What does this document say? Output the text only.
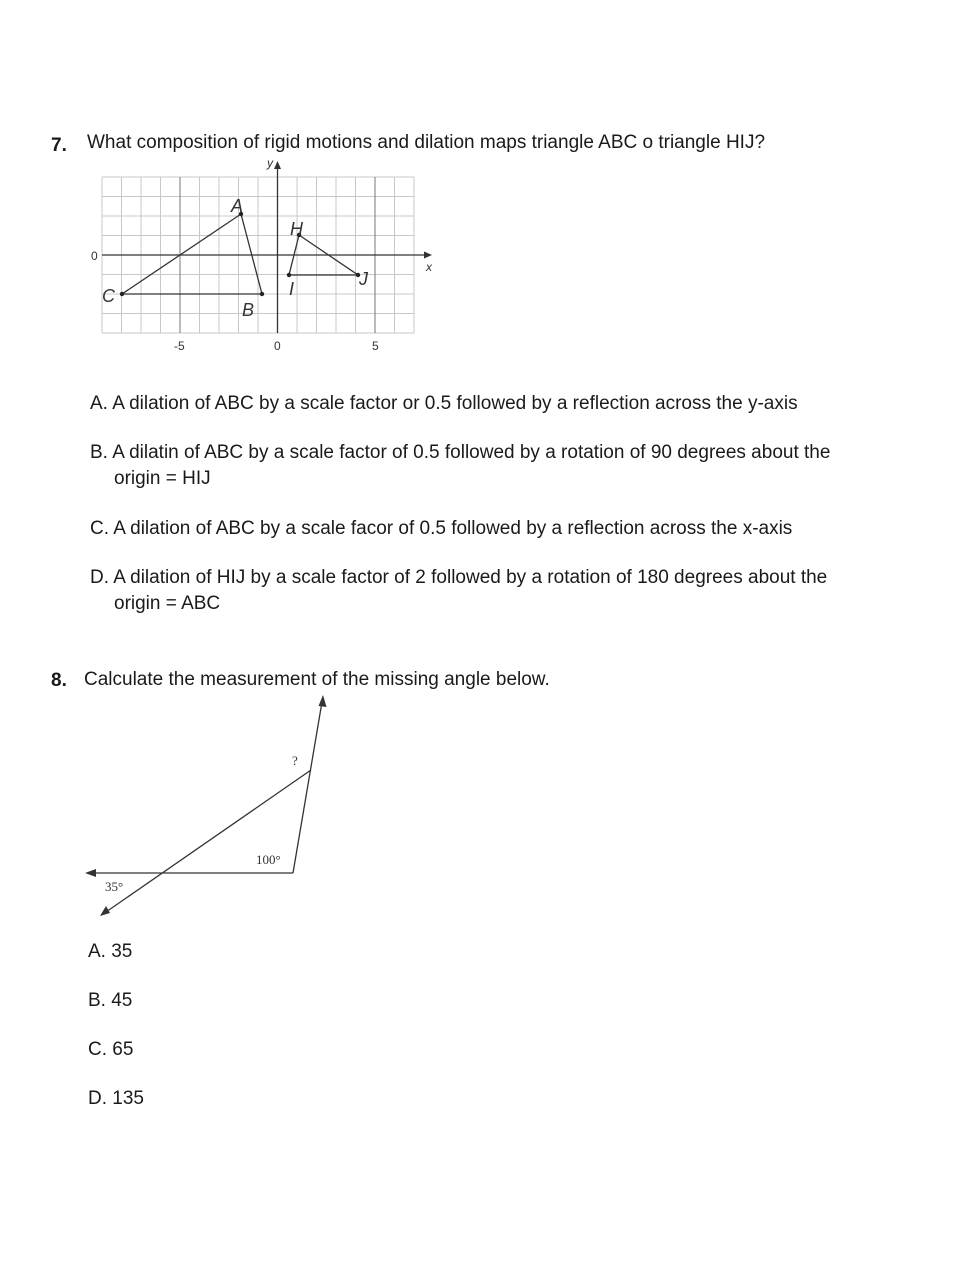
7. What composition of rigid motions and dilation maps triangle ABC o triangle HIJ?
y
x
0
-5	0	5
A
B
C
H
I	J
A. A dilation of ABC by a scale factor or 0.5 followed by a reflection across the y-axis
B. A dilatin of ABC by a scale factor of 0.5 followed by a rotation of 90 degrees about the
origin = HIJ
C. A dilation of ABC by a scale facor of 0.5 followed by a reflection across the x-axis
D. A dilation of HIJ by a scale factor of 2 followed by a rotation of 180 degrees about the
origin = ABC
8. Calculate the measurement of the missing angle below.
?
100°
35°
A. 35
B. 45
C. 65
D. 135
